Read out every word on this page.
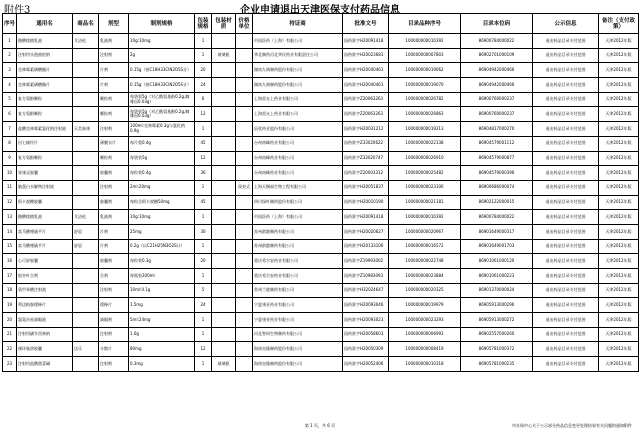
附件3	企业申请退出天津医保支付药品信息
序号	通用名	商品名	剂型	制剂规格	包装规格	包装材质	价格单位	持证商	批准文号	目录品种序号	目录本位码	公示信息	备注（支付政策）
1	酪酸梭菌乳液	艾洁松	乳液剂	10g:10mg	1			中国医药（上海）有限公司	国药准字H20091418	100000000010392	86900784000022	退出药品目录支付范围	天津2012年版
2	注射用头孢曲松钠		注射剂	2g	1	玻璃瓶		华北制药河北华民药业有限责任公司	国药准字H20023681	100000000007803	86902701000109	退出药品目录支付范围	天津2012年版
3	克林霉素磷酸酯片		片剂	0.15g（按C18H33ClN2O5S计）	20			湖南九典制药股份有限公司	国药准字H20040461	100000000019062	86904942000466	退出药品目录支付范围	天津2012年版
4	克林霉素磷酸酯片		片剂	0.15g（按C18H33ClN2O5S计）	24			湖南九典制药股份有限公司	国药准字H20040461	100000000019070	86904942000466	退出药品目录支付范围	天津2012年版
5	复方氨酚颗粒		颗粒剂	每袋装5g（对乙酰氨基酚0.2g,咖啡因0.03g）	6			上海雷允上药业有限公司	国药准字Z20063263	100000000026782	86900760000237	退出药品目录支付范围	天津2012年版
6	复方氨酚颗粒		颗粒剂	每袋装5g（对乙酰氨基酚0.2g,咖啡因0.03g）	12			上海雷允上药业有限公司	国药准字Z20063263	100000000026863	86900760000237	退出药品目录支付范围	天津2012年版
7	盐酸克林霉素氯化钠注射液	天美泰康	注射剂	100ml:克林霉素0.3g与氯化钠0.9g	1			辰欣药业股份有限公司	国药准字H20031212	100000000019213	86904817000270	退出药品目录支付范围	天津2012年版
8	田七痛经片		薄膜衣片	每片重0.4g	45			台州南峰药业有限公司	国药准字Z33020622	100000000022138	86904579001112	退出药品目录支付范围	天津2012年版
9	复方氨酚颗粒		颗粒剂	每袋装5g	12			台州南峰药业有限公司	国药准字Z33020747	100000000026910	86904579000877	退出药品目录支付范围	天津2012年版
10	胃康灵胶囊		胶囊剂	每粒装0.4g	36			台州南峰药业有限公司	国药准字Z20003312	100000000025482	86904579000396	退出药品目录支付范围	天津2012年版
11	脑蛋白水解物注射液		注射剂	2ml:20mg	1		预充式	上海天赐福生物工程有限公司	国药准字H20051837	100000000023106	86900686000074	退出药品目录支付范围	天津2012年版
12	阿卡波糖胶囊		胶囊剂	每粒含阿卡波糖50mg	45			四川绿叶制药股份有限公司	国药准字H20010190	100000000021181	86902122000015	退出药品目录支付范围	天津2012年版
13	酪酸梭菌乳液	艾洁松	乳液剂	10g:10mg	1			中国医药（上海）有限公司	国药准字H20091418	100000000010392	86900784000022	退出药品目录支付范围	天津2012年版
14	富马酸喹硫平片	舒思	片剂	25mg	30			苏州俞港制药有限公司	国药准字H20020627	100000000020967	86901649000317	退出药品目录支付范围	天津2012年版
15	富马酸喹硫平片	舒思	片剂	0.2g（以C21H25N3O2S计）	1			苏州俞港制药有限公司	国药准字H20133106	100000000016572	86901649001703	退出药品目录支付范围	天津2012年版
16	心可舒胶囊		胶囊剂	每粒装0.3g	20			重庆希尔安药业有限公司	国药准字Z19993002	100000000022748	86901061000120	退出药品目录支付范围	天津2012年版
17	银杏叶合剂		合剂	每瓶装200ml	1			重庆希尔安药业有限公司	国药准字Z10983093	100000000023884	86901061000223	退出药品目录支付范围	天津2012年版
18	氨甲苯酸注射液		注射剂	10ml:0.1g	5			常州兰陵制药有限公司	国药准字H32024647	100000000020325	86901370000024	退出药品目录支付范围	天津2012年版
19	吲达帕胺缓释片		缓释片	1.5mg	24			宁夏康亚药业有限公司	国药准字H20093046	100000000019979	86905913000296	退出药品目录支付范围	天津2012年版
20	氯氮沙星滴眼液		滴眼剂	5ml:24mg	1			宁夏康亚药业有限公司	国药准字H20093023	100000000023293	86905913000272	退出药品目录支付范围	天津2012年版
21	注射用磺苄西林钠		注射剂	1.0g	1			河北智同生物制药有限公司	国药准字H20058603	100000000006993	86902557000260	退出药品目录支付范围	天津2012年版
22	循环肠溶胶囊	达乐	分散片	80mg	12			海南皇隆制药股份有限公司	国药准字H20050309	100000000008419	86905781000372	退出药品目录支付范围	天津2012年版
23	注射用盐酸甜菜碱		注射剂	0.3mg	1	玻璃瓶		海南皇隆制药股份有限公司	国药准字H20052406	100000000010318	86905781000235	退出药品目录支付范围	天津2012年版
第 1 页，共 6 页	市社保中心关于公示部分药品信息变更处理结果有关问题的通知附件
